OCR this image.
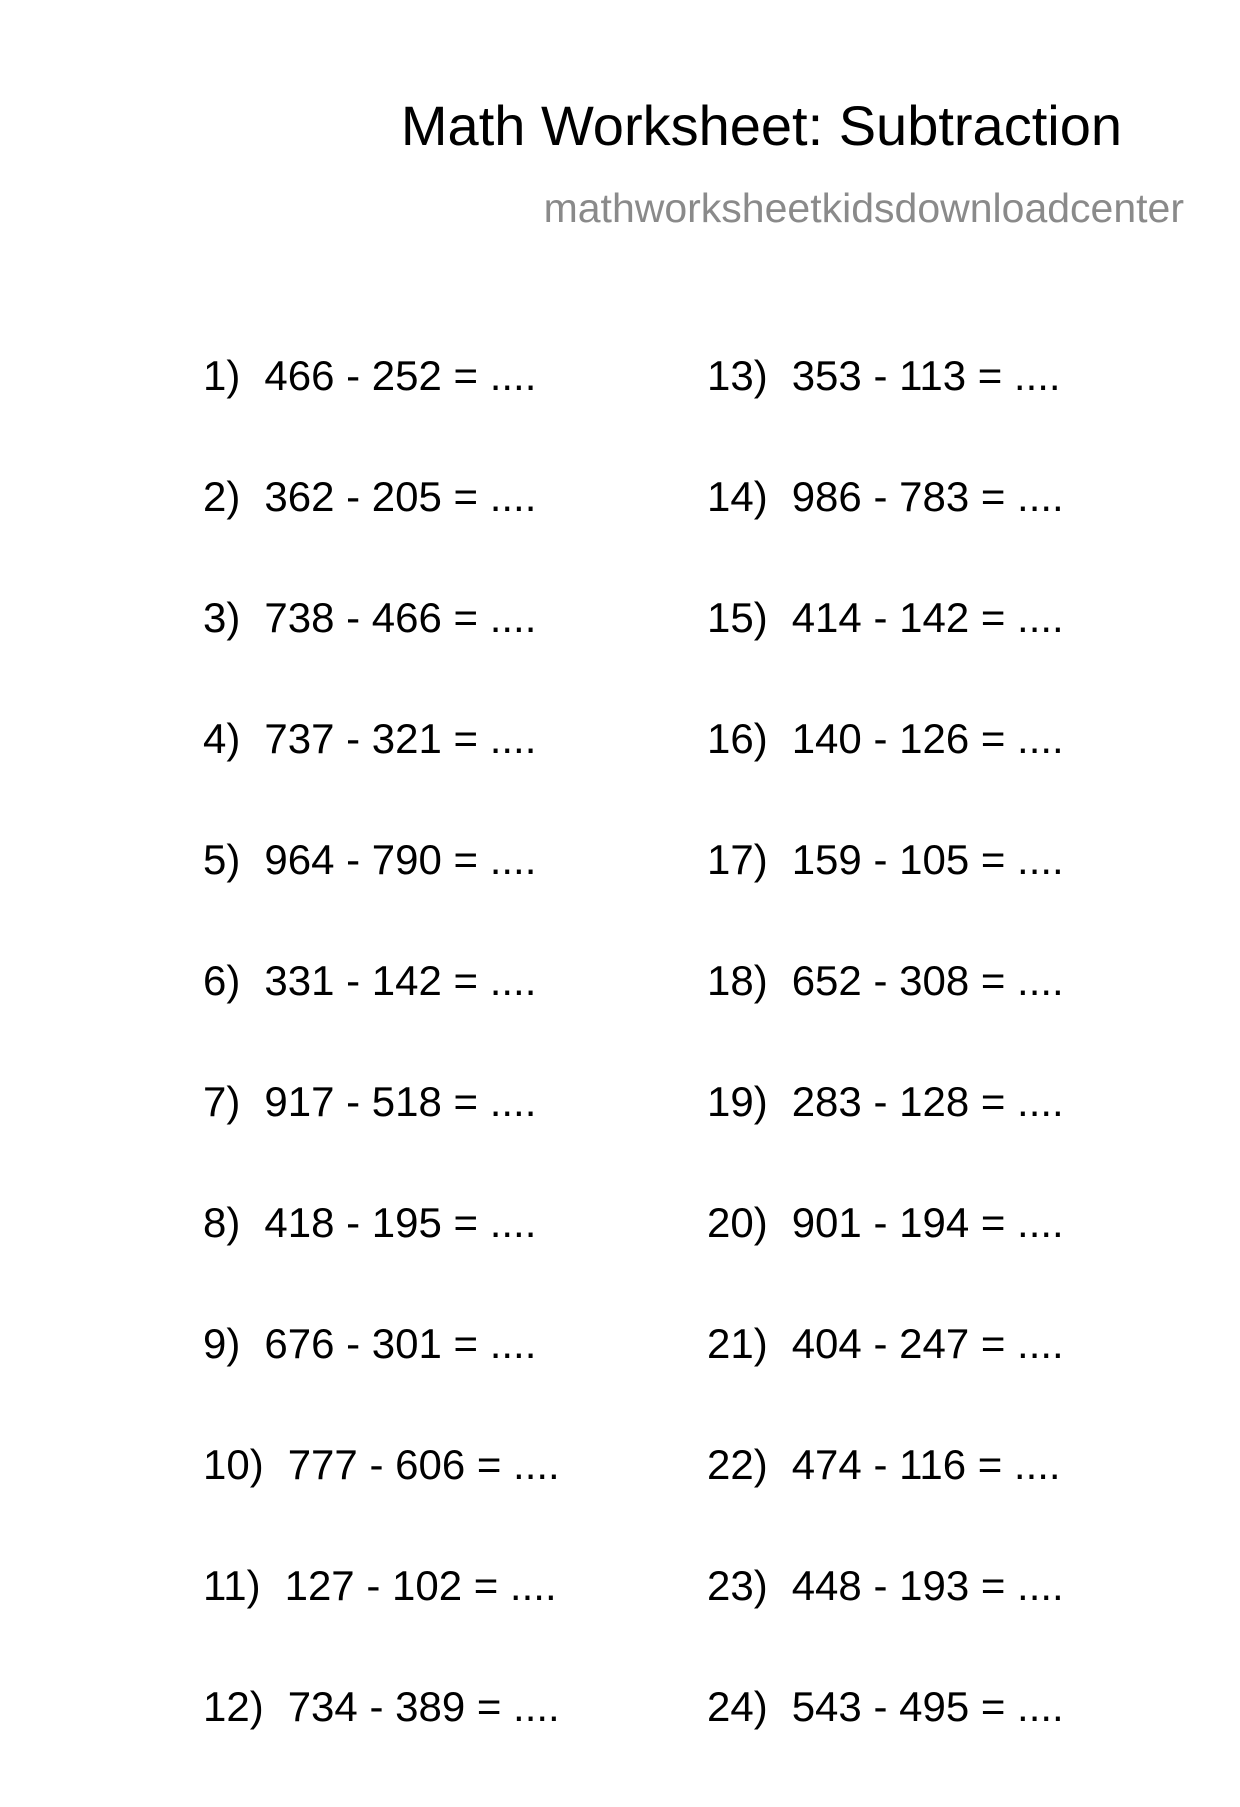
Math Worksheet: Subtraction
mathworksheetkidsdownloadcenter
1) 466 - 252 = ....
2) 362 - 205 = ....
3) 738 - 466 = ....
4) 737 - 321 = ....
5) 964 - 790 = ....
6) 331 - 142 = ....
7) 917 - 518 = ....
8) 418 - 195 = ....
9) 676 - 301 = ....
10) 777 - 606 = ....
11) 127 - 102 = ....
12) 734 - 389 = ....
13) 353 - 113 = ....
14) 986 - 783 = ....
15) 414 - 142 = ....
16) 140 - 126 = ....
17) 159 - 105 = ....
18) 652 - 308 = ....
19) 283 - 128 = ....
20) 901 - 194 = ....
21) 404 - 247 = ....
22) 474 - 116 = ....
23) 448 - 193 = ....
24) 543 - 495 = ....
